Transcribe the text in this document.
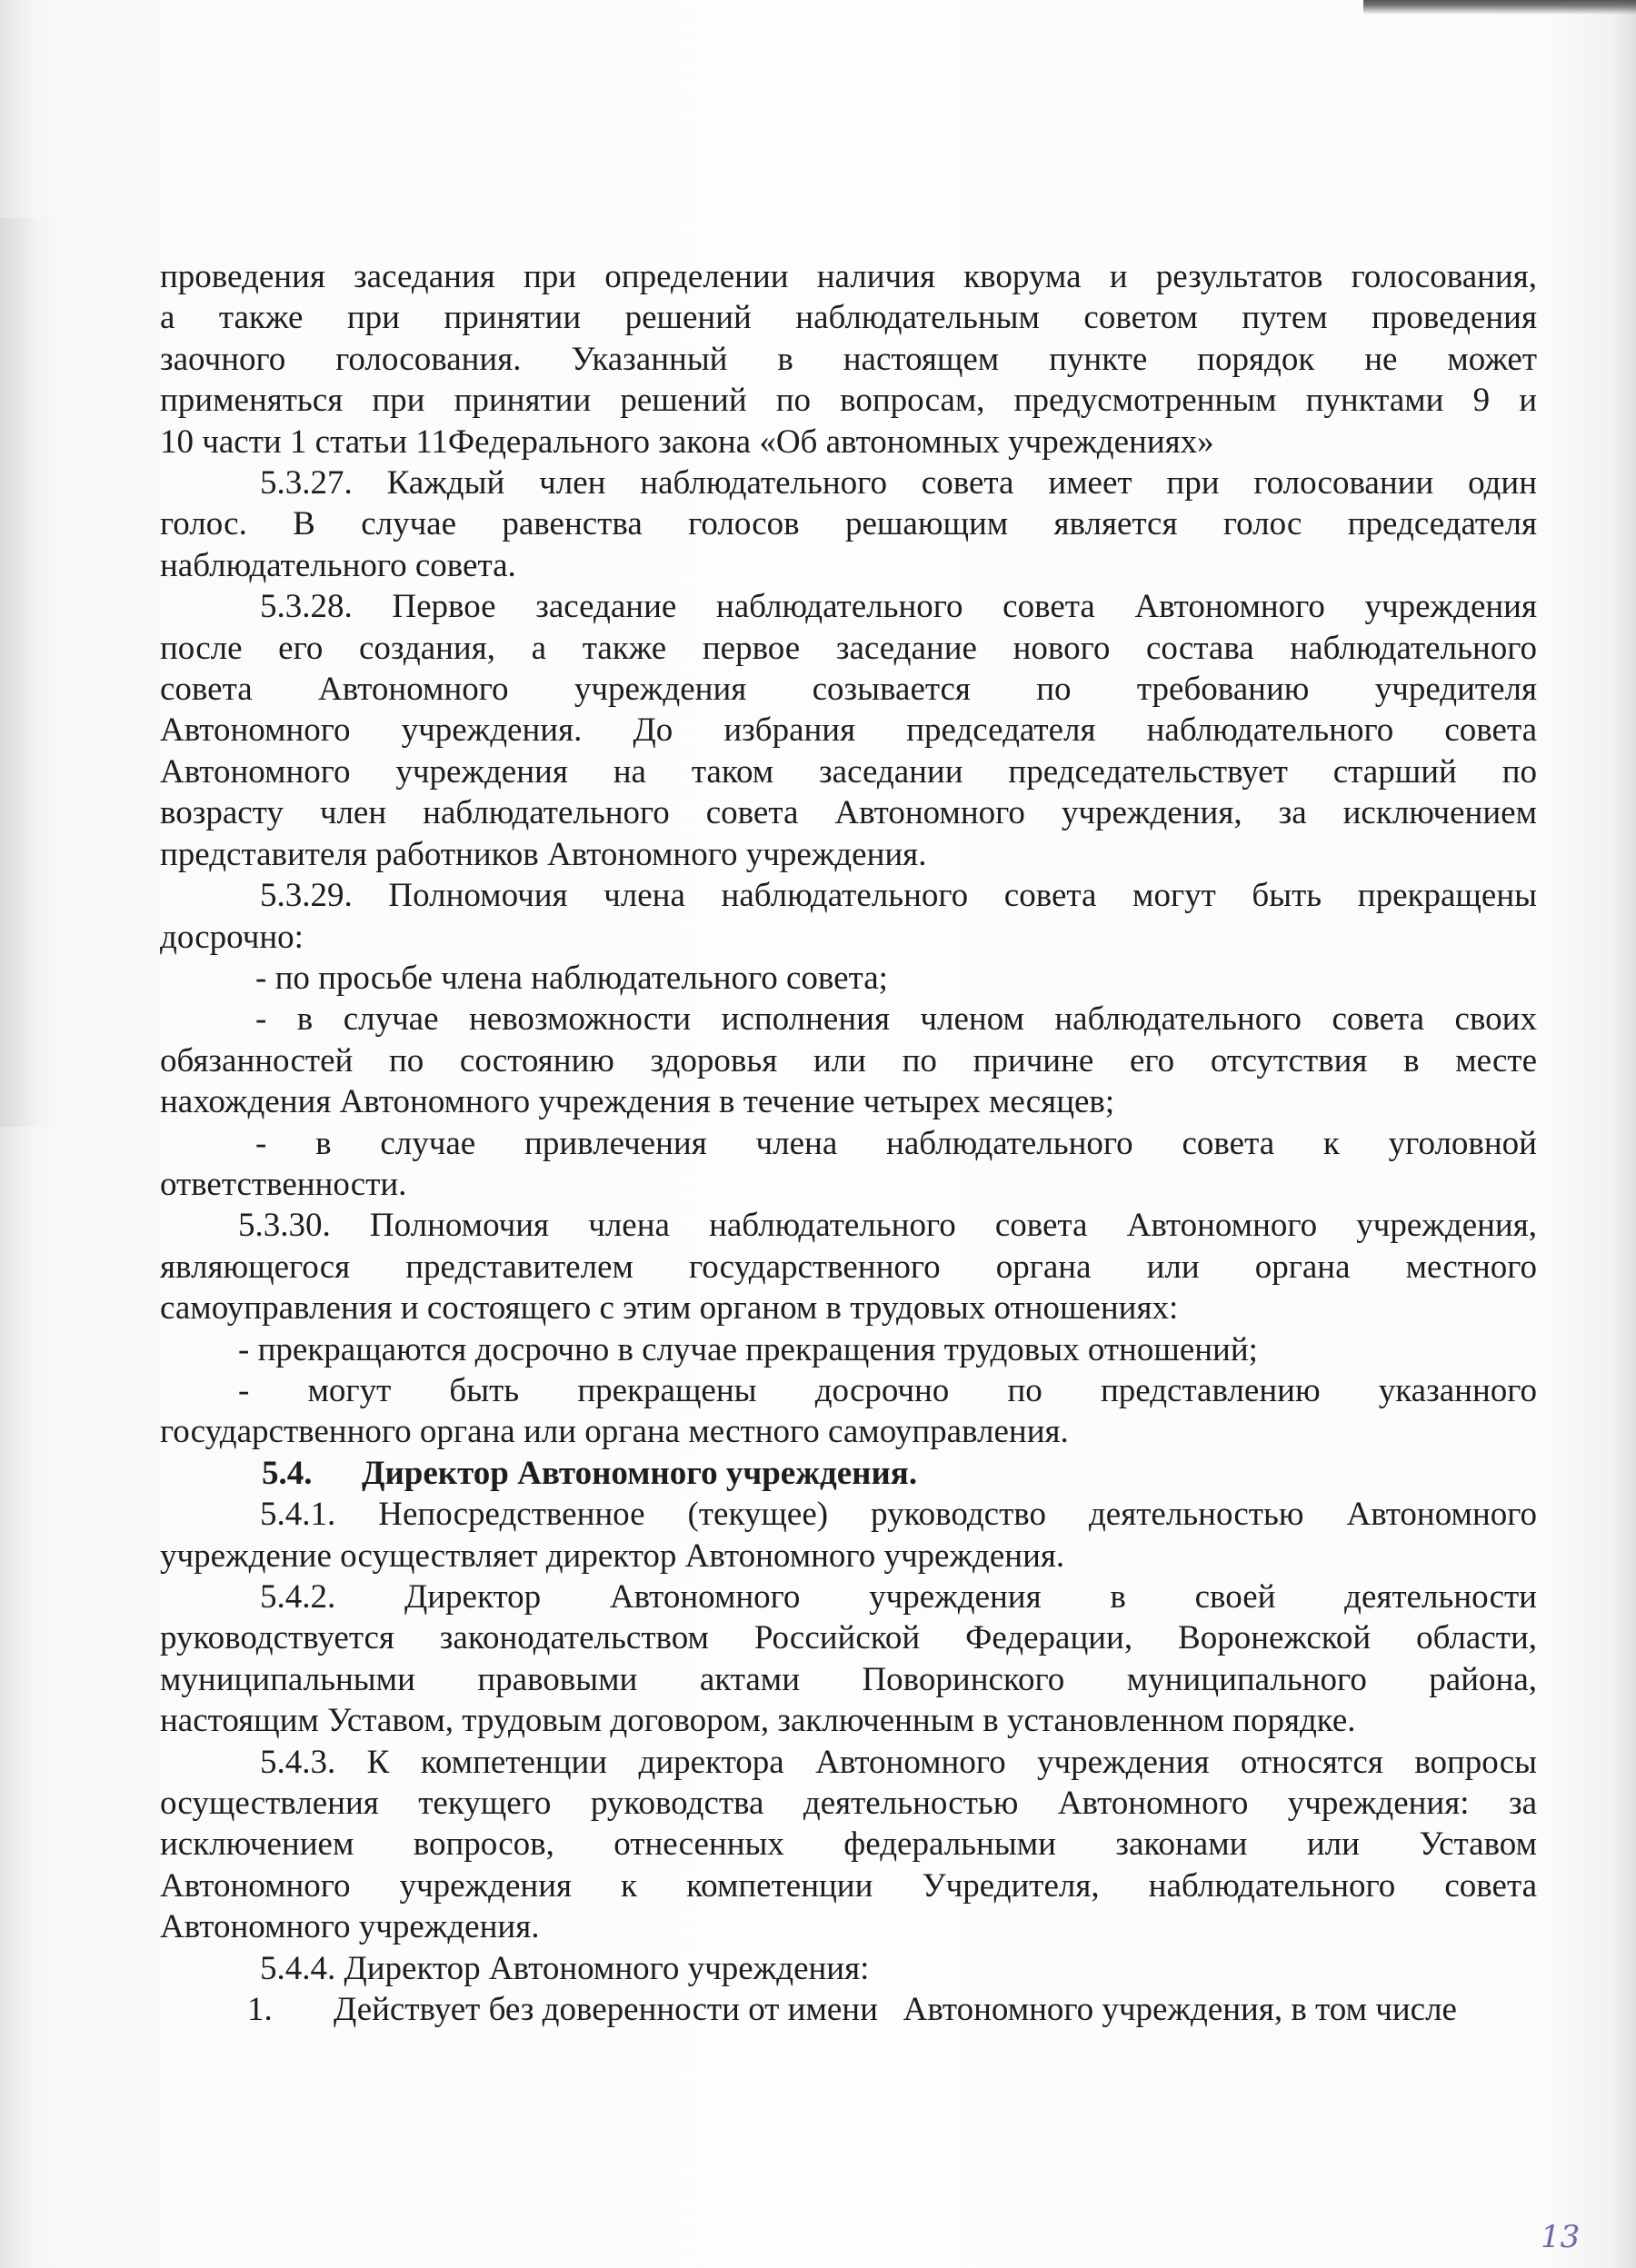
проведения заседания при определении наличия кворума и результатов голосования,
а также при принятии решений наблюдательным советом путем проведения
заочного голосования. Указанный в настоящем пункте порядок не может
применяться при принятии решений по вопросам, предусмотренным пунктами 9 и
10 части 1 статьи 11Федерального закона «Об автономных учреждениях»

5.3.27. Каждый член наблюдательного совета имеет при голосовании один
голос. В случае равенства голосов решающим является голос председателя
наблюдательного совета.

5.3.28. Первое заседание наблюдательного совета Автономного учреждения
после его создания, а также первое заседание нового состава наблюдательного
совета Автономного учреждения созывается по требованию учредителя
Автономного учреждения. До избрания председателя наблюдательного совета
Автономного учреждения на таком заседании председательствует старший по
возрасту член наблюдательного совета Автономного учреждения, за исключением
представителя работников Автономного учреждения.

5.3.29. Полномочия члена наблюдательного совета могут быть прекращены
досрочно:
- по просьбе члена наблюдательного совета;
- в случае невозможности исполнения членом наблюдательного совета своих
обязанностей по состоянию здоровья или по причине его отсутствия в месте
нахождения Автономного учреждения в течение четырех месяцев;
- в случае привлечения члена наблюдательного совета к уголовной
ответственности.

5.3.30. Полномочия члена наблюдательного совета Автономного учреждения,
являющегося представителем государственного органа или органа местного
самоуправления и состоящего с этим органом в трудовых отношениях:
- прекращаются досрочно в случае прекращения трудовых отношений;
- могут быть прекращены досрочно по представлению указанного
государственного органа или органа местного самоуправления.

5.4. Директор Автономного учреждения.

5.4.1. Непосредственное (текущее) руководство деятельностью Автономного
учреждение осуществляет директор Автономного учреждения.

5.4.2. Директор Автономного учреждения в своей деятельности
руководствуется законодательством Российской Федерации, Воронежской области,
муниципальными правовыми актами Поворинского муниципального района,
настоящим Уставом, трудовым договором, заключенным в установленном порядке.

5.4.3. К компетенции директора Автономного учреждения относятся вопросы
осуществления текущего руководства деятельностью Автономного учреждения: за
исключением вопросов, отнесенных федеральными законами или Уставом
Автономного учреждения к компетенции Учредителя, наблюдательного совета
Автономного учреждения.

5.4.4. Директор Автономного учреждения:

1. Действует без доверенности от имени   Автономного учреждения, в том числе

13
